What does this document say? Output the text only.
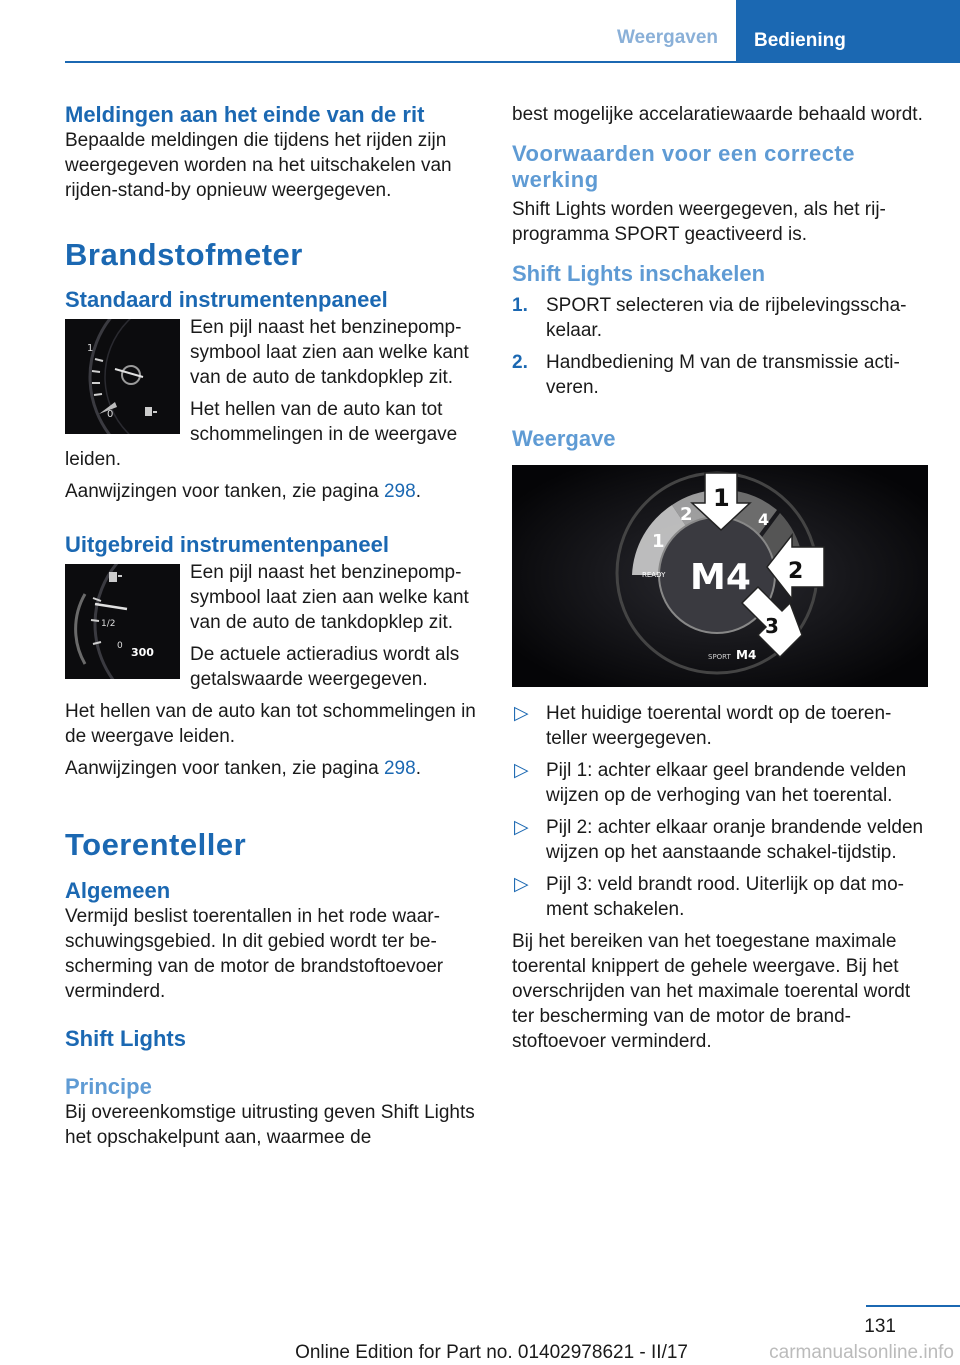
Weergaven	Bediening
Meldingen aan het einde van de rit

Bepaalde meldingen die tijdens het rijden zijn weergegeven worden na het uitschakelen van rijden-stand-by opnieuw weergegeven.

Brandstofmeter
Standaard instrumentenpaneel
0
1

Een pijl naast het benzinepomp-symbool laat zien aan welke kant van de auto de tankdopklep zit.

Het hellen van de auto kan tot schommelingen in de weergave leiden.

Aanwijzingen voor tanken, zie pagina 298.

Uitgebreid instrumentenpaneel
1/2
0 300

Een pijl naast het benzinepomp-symbool laat zien aan welke kant van de auto de tankdopklep zit.

De actuele actieradius wordt als getalswaarde weergegeven.

Het hellen van de auto kan tot schommelingen in de weergave leiden.

Aanwijzingen voor tanken, zie pagina 298.

Toerenteller
Algemeen

Vermijd beslist toerentallen in het rode waar-schuwingsgebied. In dit gebied wordt ter be-scherming van de motor de brandstoftoevoer verminderd.

Shift Lights
Principe

Bij overeenkomstige uitrusting geven Shift Lights het opschakelpunt aan, waarmee de

best mogelijke accelaratiewaarde behaald wordt.

Voorwaarden voor een correcte werking

Shift Lights worden weergegeven, als het rij-programma SPORT geactiveerd is.

Shift Lights inschakelen
1. SPORT selecteren via de rijbelevingsscha-kelaar.
2. Handbediening M van de transmissie acti-veren.
Weergave
M4
READY
1
2	4
1
2
3
SPORT M4
▷ Het huidige toerental wordt op de toeren-teller weergegeven.
▷ Pijl 1: achter elkaar geel brandende velden wijzen op de verhoging van het toerental.
▷ Pijl 2: achter elkaar oranje brandende velden wijzen op het aanstaande schakel-tijdstip.
▷ Pijl 3: veld brandt rood. Uiterlijk op dat mo-ment schakelen.

Bij het bereiken van het toegestane maximale toerental knippert de gehele weergave. Bij het overschrijden van het maximale toerental wordt ter bescherming van de motor de brand-stoftoevoer verminderd.

131
Online Edition for Part no. 01402978621 - II/17	carmanualsonline.info
